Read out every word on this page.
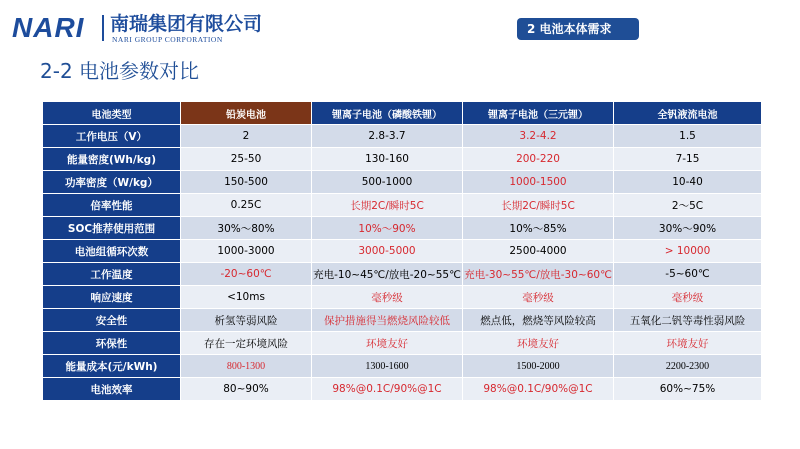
NARI 南瑞集团有限公司
NARI GROUP CORPORATION
2 电池本体需求
2-2 电池参数对比
电池类型	铅炭电池	锂离子电池（磷酸铁锂）	锂离子电池（三元锂）	全钒液流电池
工作电压（V）	2	2.8-3.7	3.2-4.2	1.5
能量密度(Wh/kg)	25-50	130-160	200-220	7-15
功率密度（W/kg）	150-500	500-1000	1000-1500	10-40
倍率性能	0.25C	长期2C/瞬时5C	长期2C/瞬时5C	2～5C
SOC推荐使用范围	30%～80%	10%～90%	10%～85%	30%～90%
电池组循环次数	1000-3000	3000-5000	2500-4000	> 10000
工作温度	-20~60℃	充电-10~45℃/放电-20~55℃	充电-30~55℃/放电-30~60℃	-5~60℃
响应速度	<10ms	毫秒级	毫秒级	毫秒级
安全性	析氢等弱风险	保护措施得当燃烧风险较低	燃点低，燃烧等风险较高	五氧化二钒等毒性弱风险
环保性	存在一定环境风险	环境友好	环境友好	环境友好
能量成本(元/kWh)	800-1300	1300-1600	1500-2000	2200-2300
电池效率	80~90%	98%@0.1C/90%@1C	98%@0.1C/90%@1C	60%~75%
